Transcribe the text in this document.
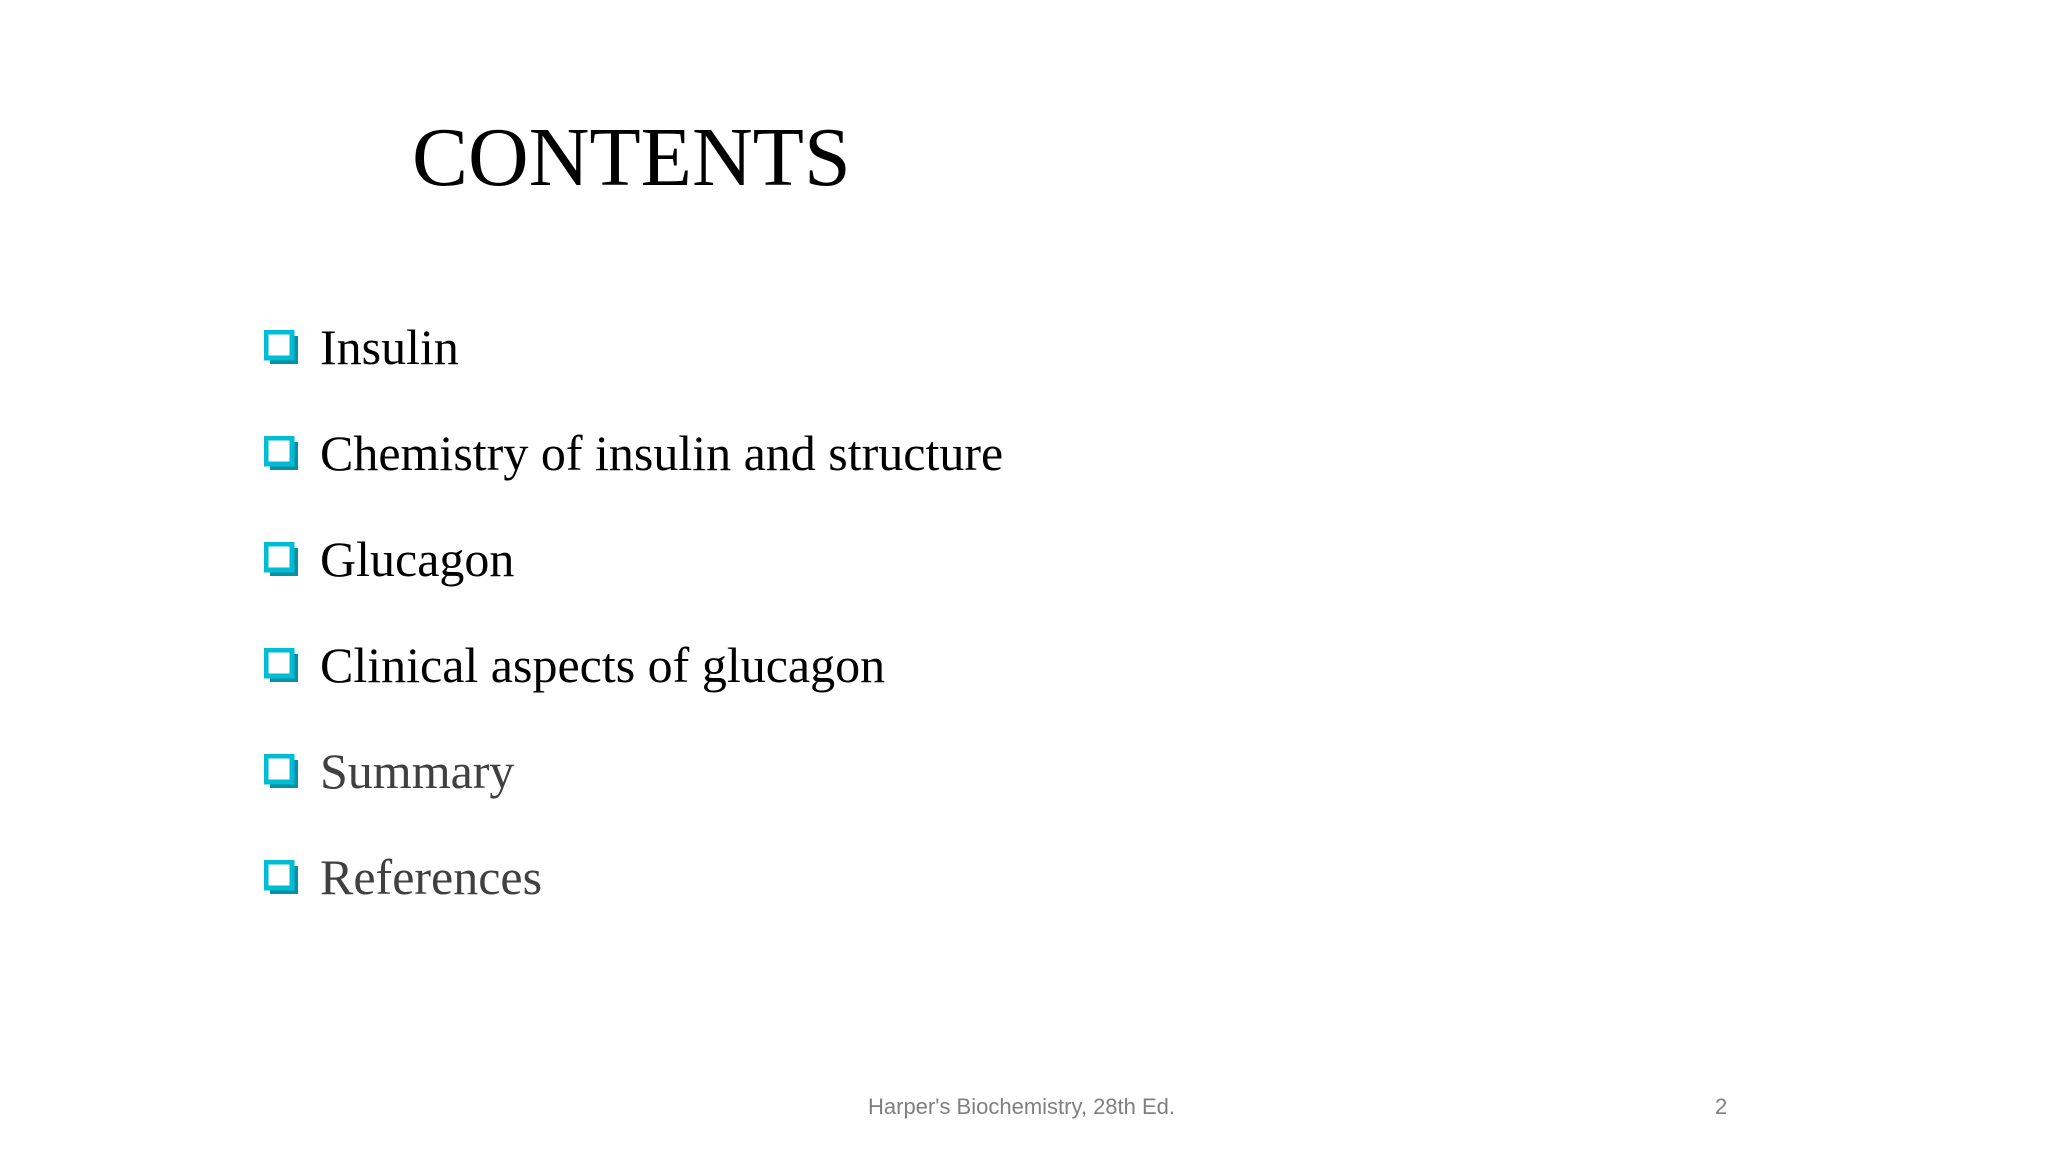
CONTENTS
Insulin
Chemistry of insulin and structure
Glucagon
Clinical aspects of glucagon
Summary
References
Harper's Biochemistry, 28th Ed.	2
